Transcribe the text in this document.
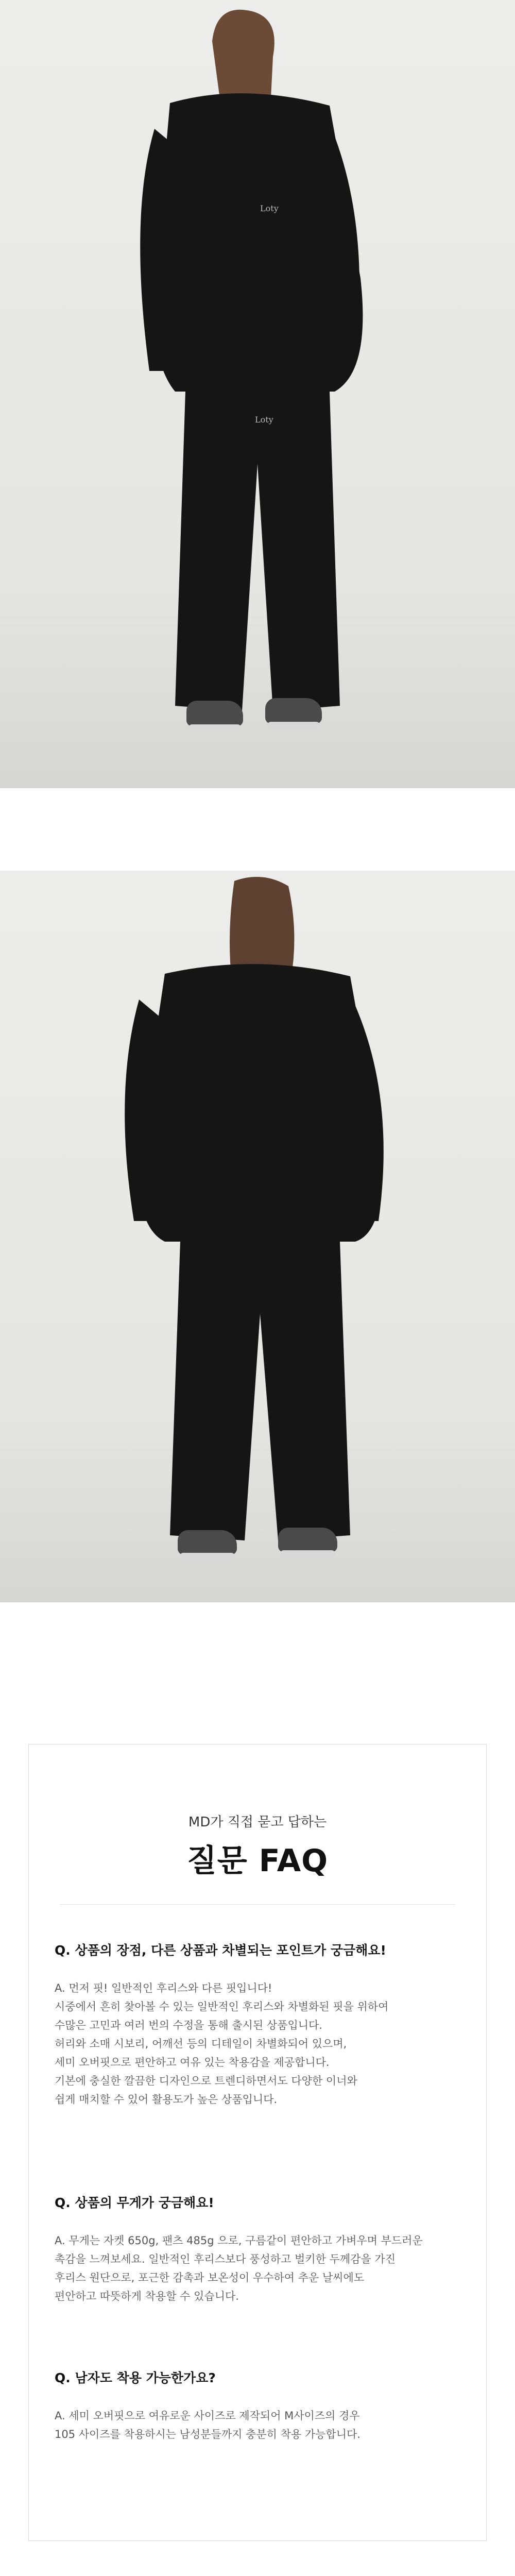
Loty
Loty
MD가 직접 묻고 답하는
질문 FAQ
Q. 상품의 장점, 다른 상품과 차별되는 포인트가 궁금해요!
A. 먼저 핏! 일반적인 후리스와 다른 핏입니다!
시중에서 흔히 찾아볼 수 있는 일반적인 후리스와 차별화된 핏을 위하여
수많은 고민과 여러 번의 수정을 통해 출시된 상품입니다.
허리와 소매 시보리, 어깨선 등의 디테일이 차별화되어 있으며,
세미 오버핏으로 편안하고 여유 있는 착용감을 제공합니다.
기본에 충실한 깔끔한 디자인으로 트렌디하면서도 다양한 이너와
쉽게 매치할 수 있어 활용도가 높은 상품입니다.
Q. 상품의 무게가 궁금해요!
A. 무게는 자켓 650g, 팬츠 485g 으로, 구름같이 편안하고 가벼우며 부드러운
촉감을 느껴보세요. 일반적인 후리스보다 풍성하고 벌키한 두께감을 가진
후리스 원단으로, 포근한 감촉과 보온성이 우수하여 추운 날씨에도
편안하고 따뜻하게 착용할 수 있습니다.
Q. 남자도 착용 가능한가요?
A. 세미 오버핏으로 여유로운 사이즈로 제작되어 M사이즈의 경우
105 사이즈를 착용하시는 남성분들까지 충분히 착용 가능합니다.
